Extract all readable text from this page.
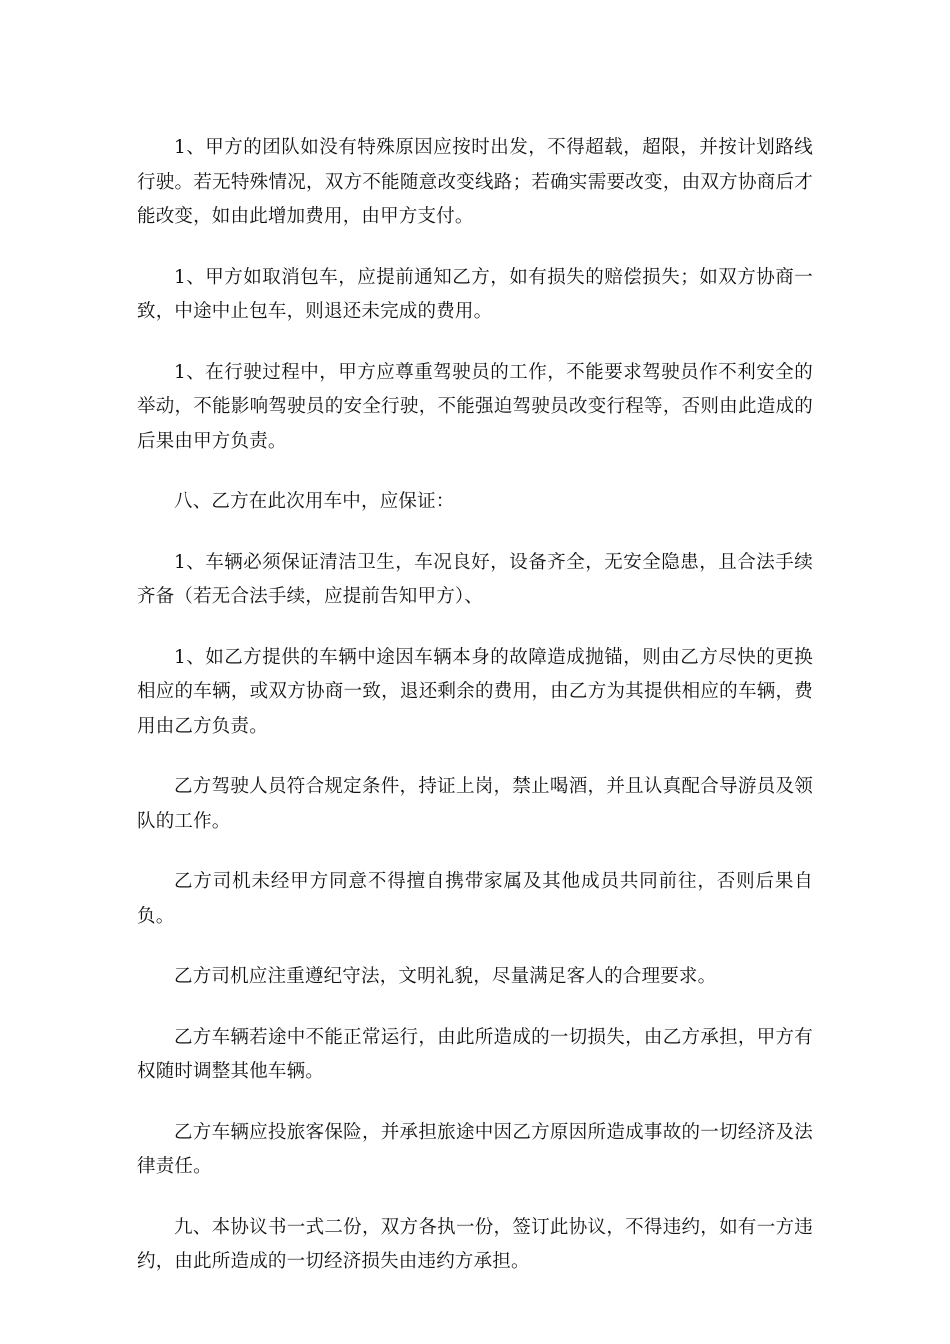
1、甲方的团队如没有特殊原因应按时出发，不得超载，超限，并按计划路线行驶。若无特殊情况，双方不能随意改变线路；若确实需要改变，由双方协商后才能改变，如由此增加费用，由甲方支付。

1、甲方如取消包车，应提前通知乙方，如有损失的赔偿损失；如双方协商一致，中途中止包车，则退还未完成的费用。

1、在行驶过程中，甲方应尊重驾驶员的工作，不能要求驾驶员作不利安全的举动，不能影响驾驶员的安全行驶，不能强迫驾驶员改变行程等，否则由此造成的后果由甲方负责。

八、乙方在此次用车中，应保证：

1、车辆必须保证清洁卫生，车况良好，设备齐全，无安全隐患，且合法手续齐备（若无合法手续，应提前告知甲方）、

1、如乙方提供的车辆中途因车辆本身的故障造成抛锚，则由乙方尽快的更换相应的车辆，或双方协商一致，退还剩余的费用，由乙方为其提供相应的车辆，费用由乙方负责。

乙方驾驶人员符合规定条件，持证上岗，禁止喝酒，并且认真配合导游员及领队的工作。

乙方司机未经甲方同意不得擅自携带家属及其他成员共同前往，否则后果自负。

乙方司机应注重遵纪守法，文明礼貌，尽量满足客人的合理要求。

乙方车辆若途中不能正常运行，由此所造成的一切损失，由乙方承担，甲方有权随时调整其他车辆。

乙方车辆应投旅客保险，并承担旅途中因乙方原因所造成事故的一切经济及法律责任。

九、本协议书一式二份，双方各执一份，签订此协议，不得违约，如有一方违约，由此所造成的一切经济损失由违约方承担。
